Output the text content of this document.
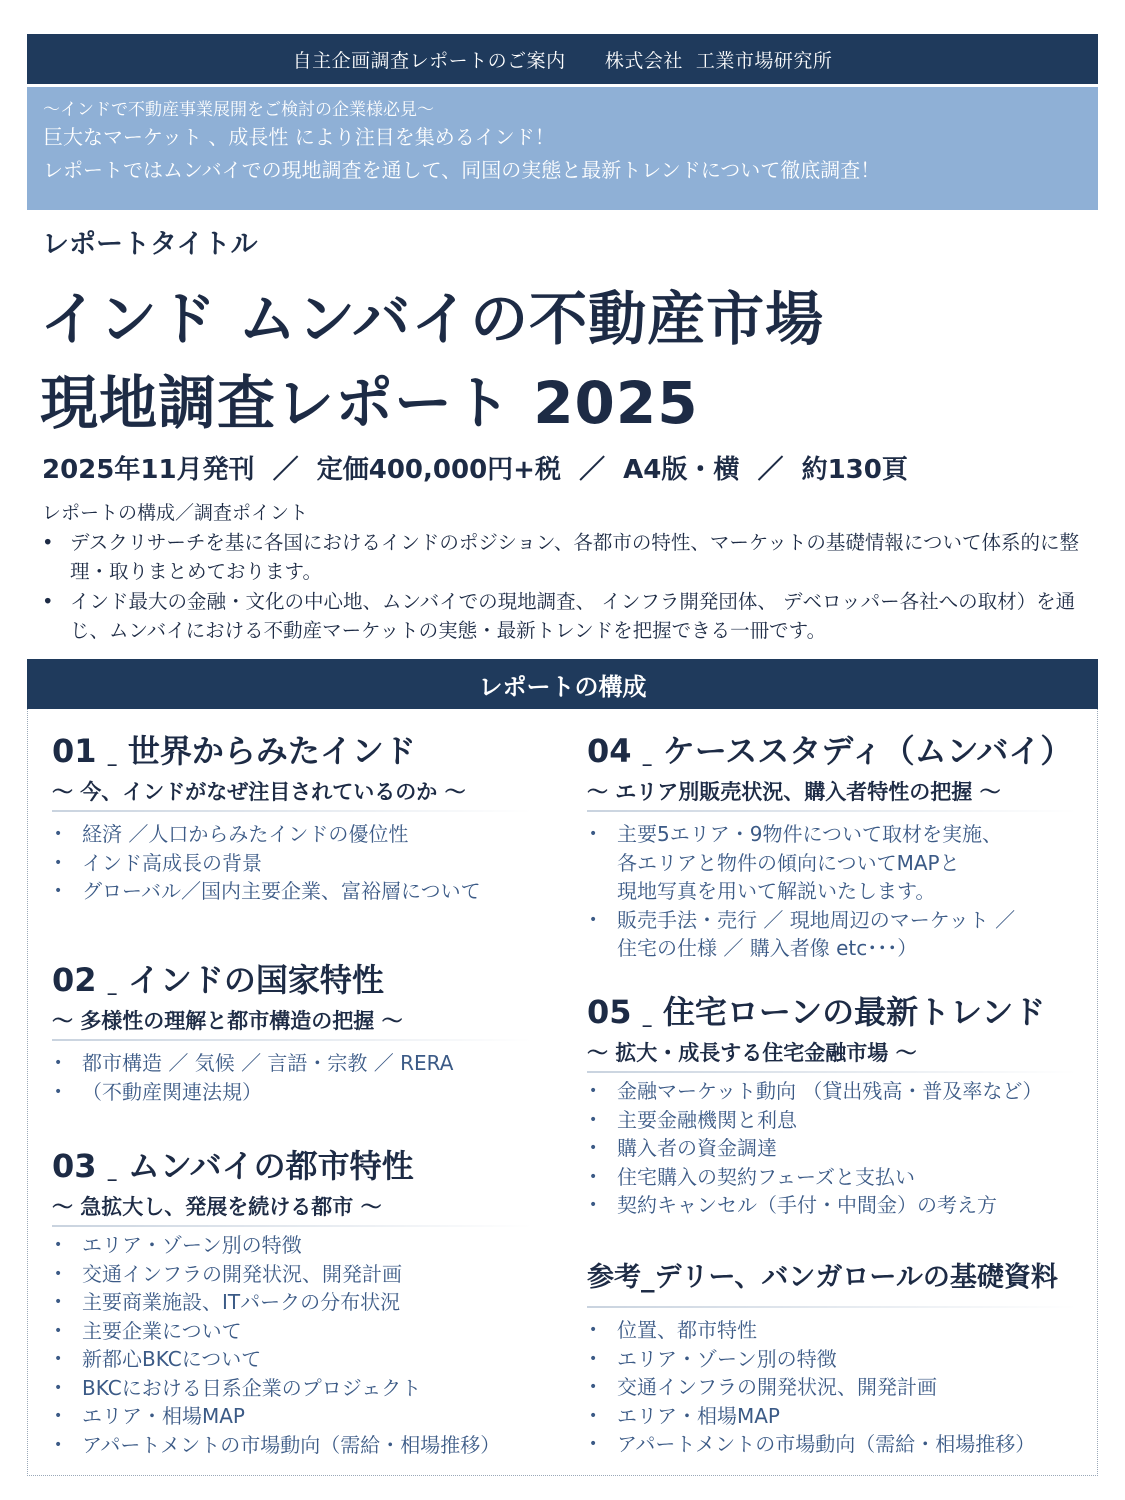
自主企画調査レポートのご案内
株式会社  工業市場研究所
～インドで不動産事業展開をご検討の企業様必見～
巨大なマーケット 、成長性 により注目を集めるインド！
レポートではムンバイでの現地調査を通して、同国の実態と最新トレンドについて徹底調査！
レポートタイトル
インド ムンバイの不動産市場
現地調査レポート 2025
2025年11月発刊  ／  定価400,000円+税  ／  A4版・横  ／  約130頁
レポートの構成／調査ポイント
• デスクリサーチを基に各国におけるインドのポジション、各都市の特性、マーケットの基礎情報について体系的に整理・取りまとめております。
• インド最大の金融・文化の中心地、ムンバイでの現地調査、 インフラ開発団体、 デベロッパー各社への取材）を通じ、ムンバイにおける不動産マーケットの実態・最新トレンドを把握できる一冊です。
レポートの構成
01 _ 世界からみたインド
～ 今、インドがなぜ注目されているのか ～
• 経済 ／人口からみたインドの優位性
• インド高成長の背景
• グローバル／国内主要企業、富裕層について
02 _ インドの国家特性
～ 多様性の理解と都市構造の把握 ～
• 都市構造 ／ 気候 ／ 言語・宗教 ／ RERA
• （不動産関連法規）
03 _ ムンバイの都市特性
～ 急拡大し、発展を続ける都市 ～
• エリア・ゾーン別の特徴
• 交通インフラの開発状況、開発計画
• 主要商業施設、ITパークの分布状況
• 主要企業について
• 新都心BKCについて
• BKCにおける日系企業のプロジェクト
• エリア・相場MAP
• アパートメントの市場動向（需給・相場推移）
04 _ ケーススタディ（ムンバイ）
～ エリア別販売状況、購入者特性の把握 ～
• 主要5エリア・9物件について取材を実施、
各エリアと物件の傾向についてMAPと
現地写真を用いて解説いたします。
• 販売手法・売行 ／ 現地周辺のマーケット ／
住宅の仕様 ／ 購入者像 etc･･･）
05 _ 住宅ローンの最新トレンド
～ 拡大・成長する住宅金融市場 ～
• 金融マーケット動向 （貸出残高・普及率など）
• 主要金融機関と利息
• 購入者の資金調達
• 住宅購入の契約フェーズと支払い
• 契約キャンセル（手付・中間金）の考え方
参考_デリー、バンガロールの基礎資料
• 位置、都市特性
• エリア・ゾーン別の特徴
• 交通インフラの開発状況、開発計画
• エリア・相場MAP
• アパートメントの市場動向（需給・相場推移）
